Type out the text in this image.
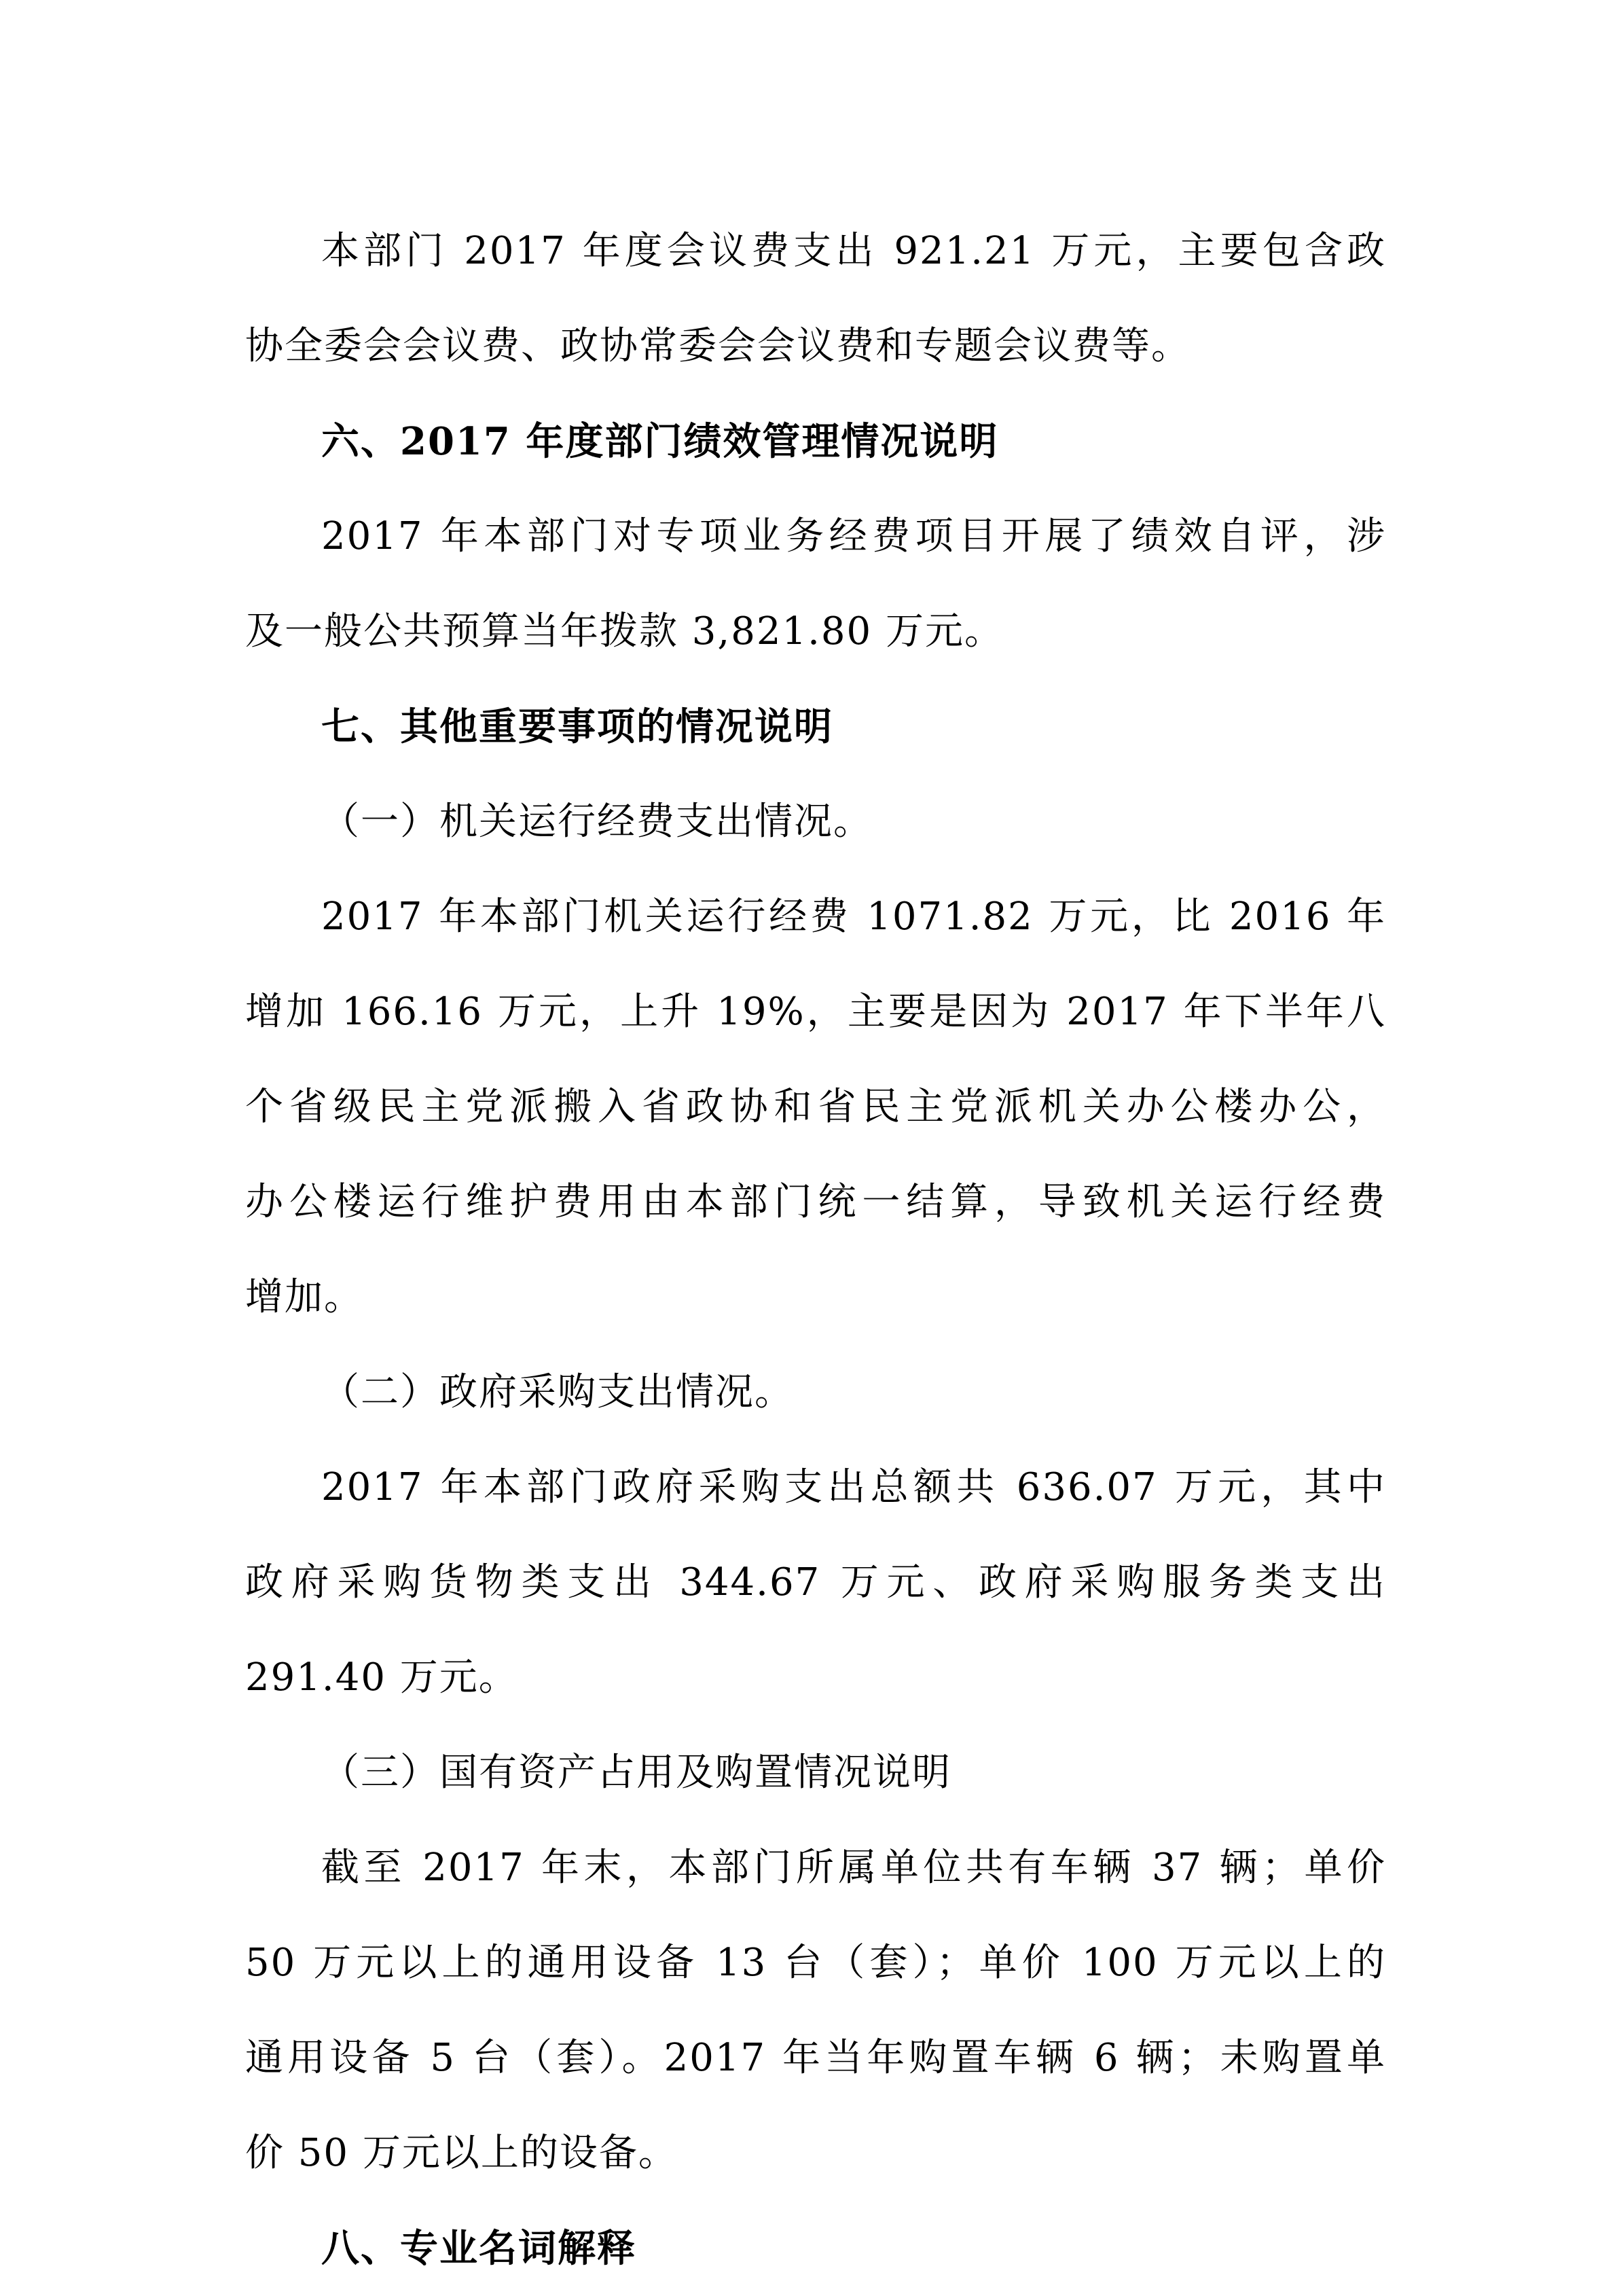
本部门 2017 年度会议费支出 921.21 万元，主要包含政
协全委会会议费、政协常委会会议费和专题会议费等。
六、2017 年度部门绩效管理情况说明
2017 年本部门对专项业务经费项目开展了绩效自评，涉
及一般公共预算当年拨款 3,821.80 万元。
七、其他重要事项的情况说明
（一）机关运行经费支出情况。
2017 年本部门机关运行经费 1071.82 万元，比 2016 年
增加 166.16 万元，上升 19%，主要是因为 2017 年下半年八
个省级民主党派搬入省政协和省民主党派机关办公楼办公，
办公楼运行维护费用由本部门统一结算，导致机关运行经费
增加。
（二）政府采购支出情况。
2017 年本部门政府采购支出总额共 636.07 万元，其中
政府采购货物类支出 344.67 万元、政府采购服务类支出
291.40 万元。
（三）国有资产占用及购置情况说明
截至 2017 年末，本部门所属单位共有车辆 37 辆；单价
50 万元以上的通用设备 13 台（套）；单价 100 万元以上的
通用设备 5 台（套）。2017 年当年购置车辆 6 辆；未购置单
价 50 万元以上的设备。
八、专业名词解释
